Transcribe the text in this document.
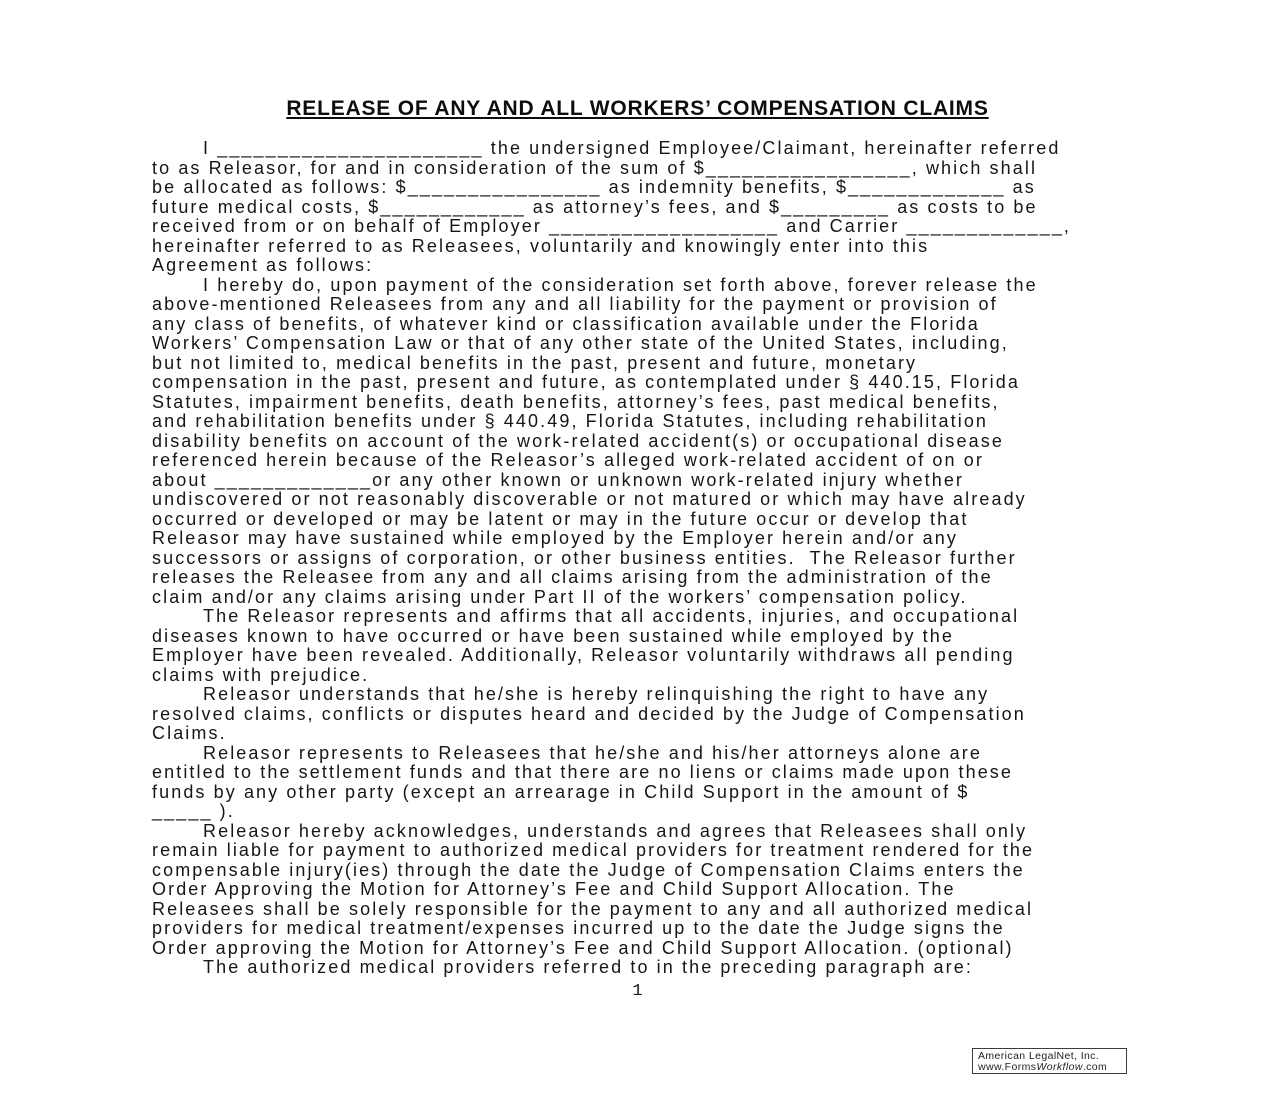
RELEASE OF ANY AND ALL WORKERS’ COMPENSATION CLAIMS
I ______________________ the undersigned Employee/Claimant, hereinafter referred
to as Releasor, for and in consideration of the sum of $_________________, which shall
be allocated as follows: $________________ as indemnity benefits, $_____________ as
future medical costs, $____________ as attorney’s fees, and $_________ as costs to be
received from or on behalf of Employer ___________________ and Carrier _____________,
hereinafter referred to as Releasees, voluntarily and knowingly enter into this
Agreement as follows:
I hereby do, upon payment of the consideration set forth above, forever release the
above-mentioned Releasees from any and all liability for the payment or provision of
any class of benefits, of whatever kind or classification available under the Florida
Workers’ Compensation Law or that of any other state of the United States, including,
but not limited to, medical benefits in the past, present and future, monetary
compensation in the past, present and future, as contemplated under § 440.15, Florida
Statutes, impairment benefits, death benefits, attorney’s fees, past medical benefits,
and rehabilitation benefits under § 440.49, Florida Statutes, including rehabilitation
disability benefits on account of the work-related accident(s) or occupational disease
referenced herein because of the Releasor’s alleged work-related accident of on or
about _____________or any other known or unknown work-related injury whether
undiscovered or not reasonably discoverable or not matured or which may have already
occurred or developed or may be latent or may in the future occur or develop that
Releasor may have sustained while employed by the Employer herein and/or any
successors or assigns of corporation, or other business entities.  The Releasor further
releases the Releasee from any and all claims arising from the administration of the
claim and/or any claims arising under Part II of the workers’ compensation policy.
The Releasor represents and affirms that all accidents, injuries, and occupational
diseases known to have occurred or have been sustained while employed by the
Employer have been revealed. Additionally, Releasor voluntarily withdraws all pending
claims with prejudice.
Releasor understands that he/she is hereby relinquishing the right to have any
resolved claims, conflicts or disputes heard and decided by the Judge of Compensation
Claims.
Releasor represents to Releasees that he/she and his/her attorneys alone are
entitled to the settlement funds and that there are no liens or claims made upon these
funds by any other party (except an arrearage in Child Support in the amount of $
_____ ).
Releasor hereby acknowledges, understands and agrees that Releasees shall only
remain liable for payment to authorized medical providers for treatment rendered for the
compensable injury(ies) through the date the Judge of Compensation Claims enters the
Order Approving the Motion for Attorney’s Fee and Child Support Allocation. The
Releasees shall be solely responsible for the payment to any and all authorized medical
providers for medical treatment/expenses incurred up to the date the Judge signs the
Order approving the Motion for Attorney’s Fee and Child Support Allocation. (optional)
The authorized medical providers referred to in the preceding paragraph are:
1
American LegalNet, Inc.
www.FormsWorkflow.com
